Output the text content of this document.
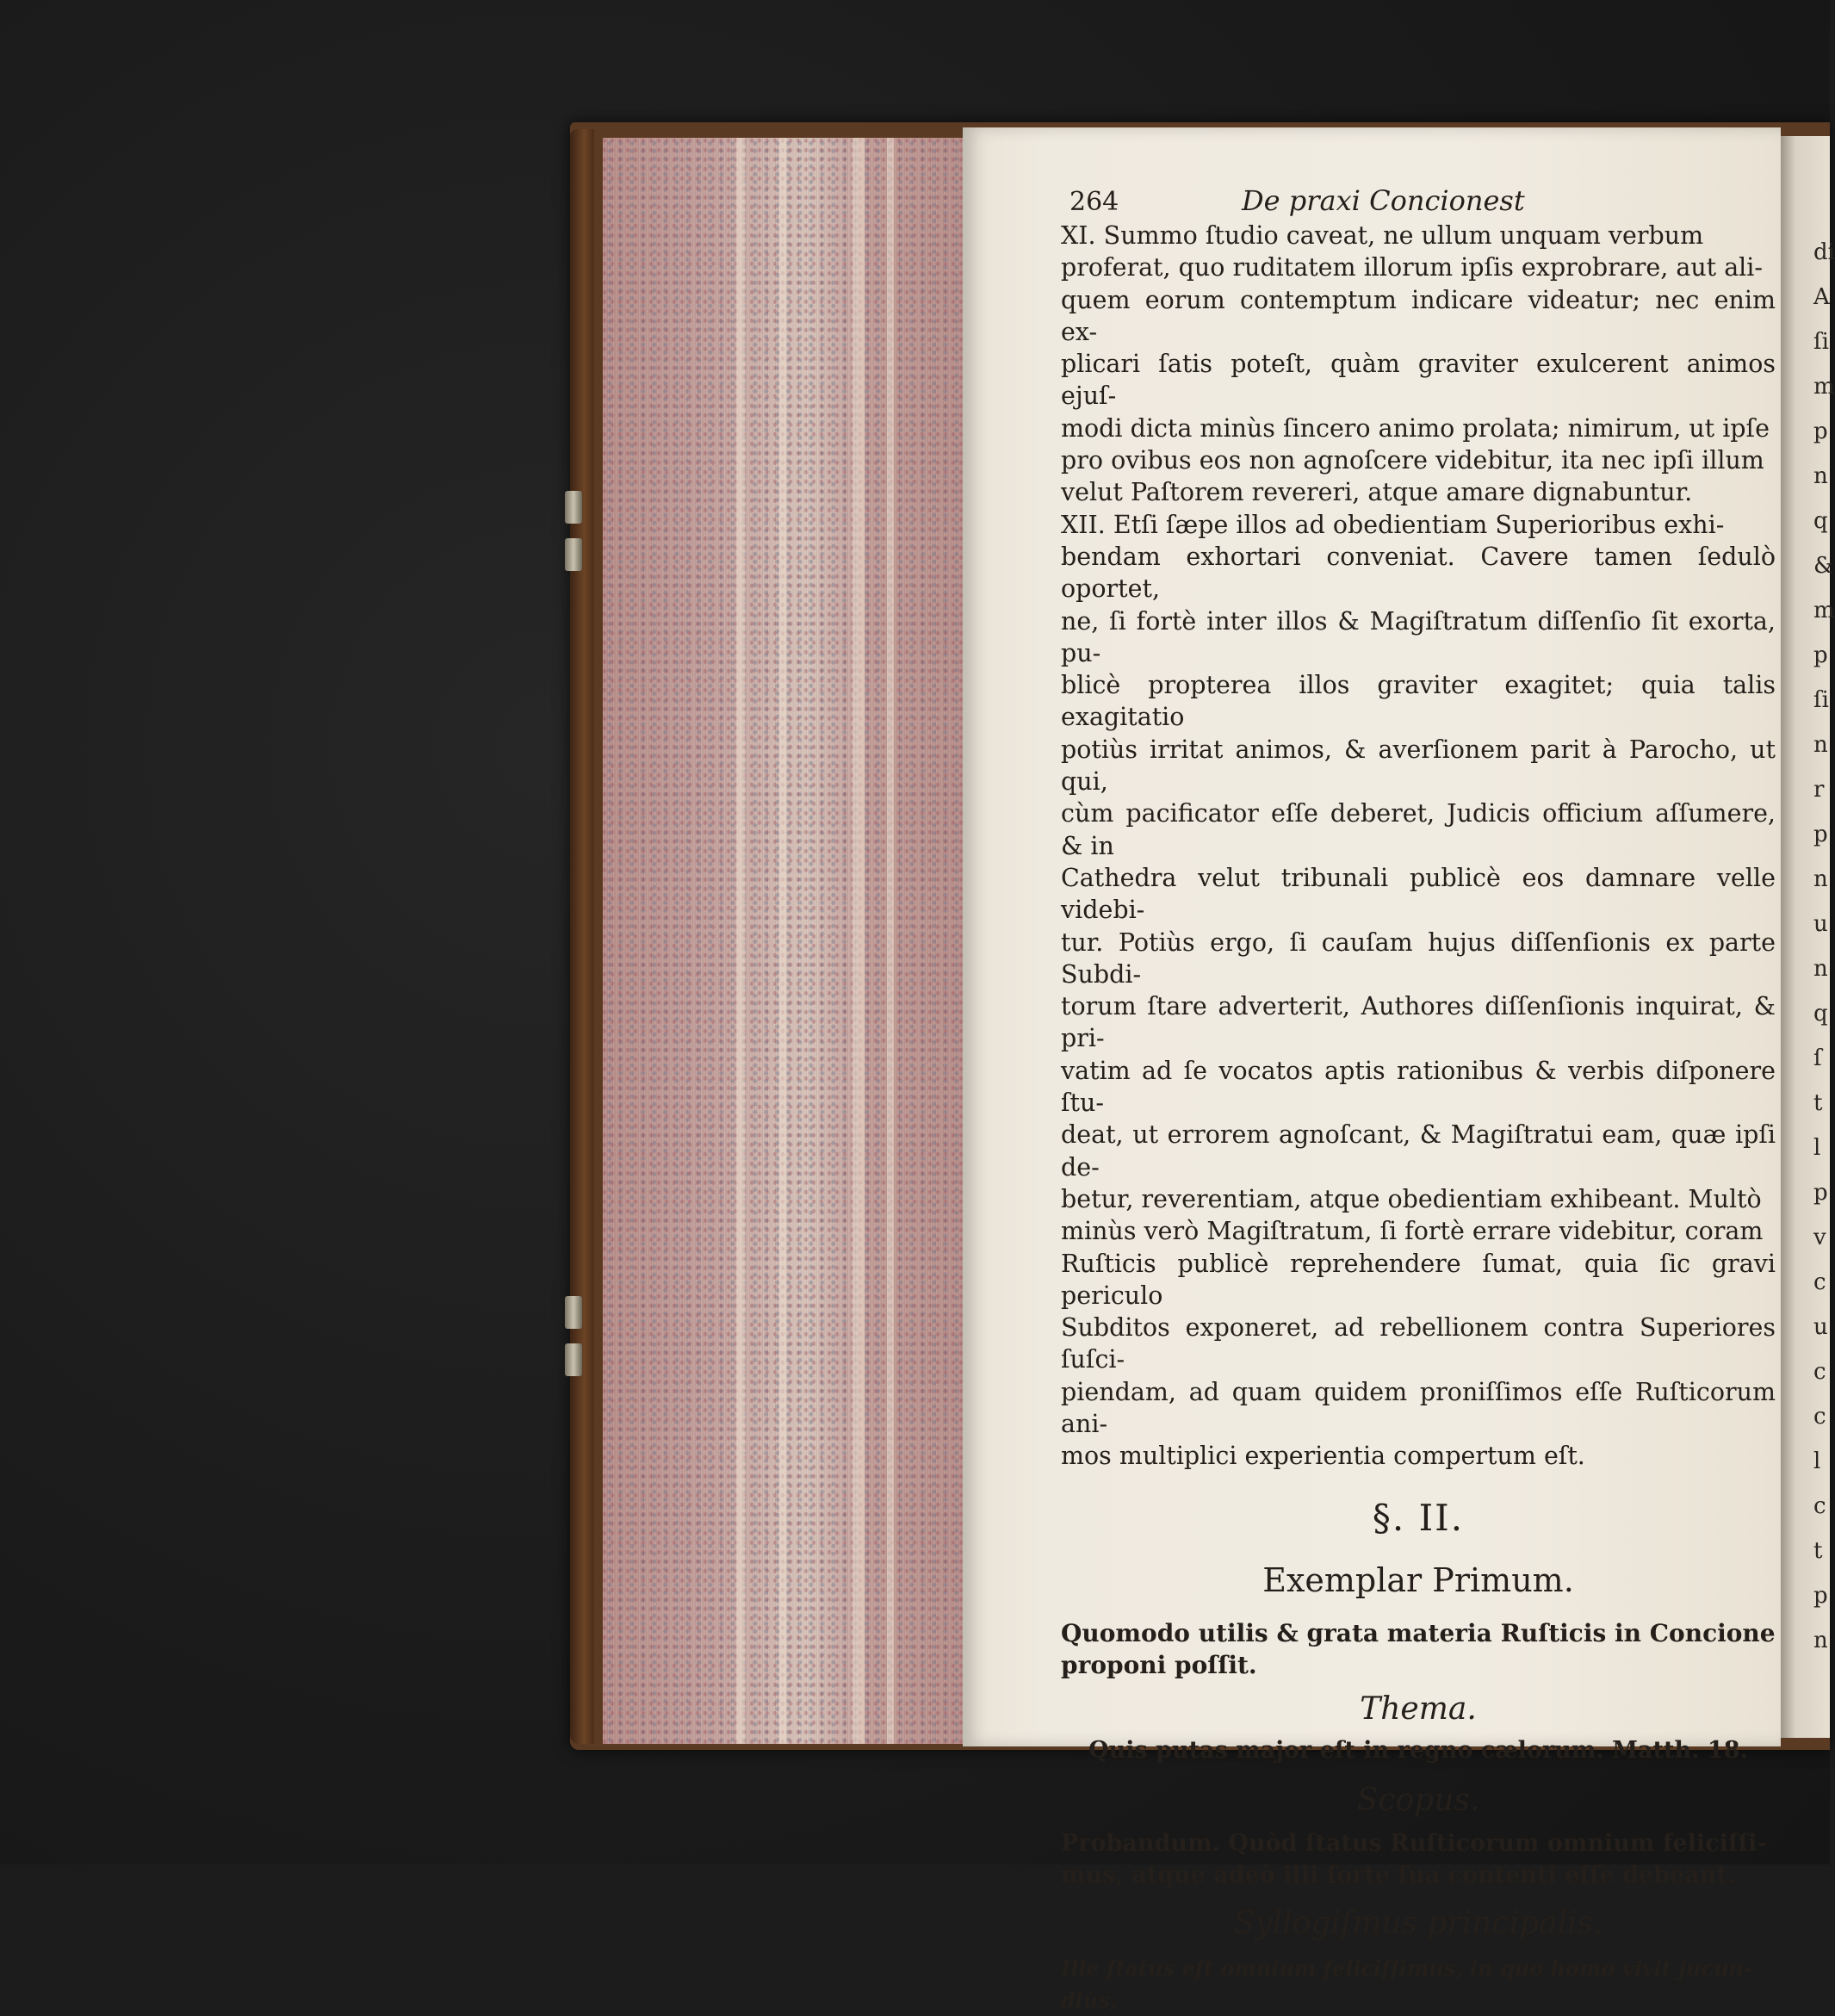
di
A
ſi
m
p
n
q
&
m
p
ſi
n
r
p
n
u
n
q
ſ
t
l
p
v
c
u
c
c
l
c
t
p
n
264	De praxi Concionest

XI. Summo ſtudio caveat, ne ullum unquam verbum
proferat, quo ruditatem illorum ipſis exprobrare, aut ali-
quem eorum contemptum indicare videatur; nec enim ex-
plicari ſatis poteſt, quàm graviter exulcerent animos ejuſ-
modi dicta minùs ſincero animo prolata; nimirum, ut ipſe
pro ovibus eos non agnoſcere videbitur, ita nec ipſi illum
velut Paſtorem revereri, atque amare dignabuntur.

XII. Etſi ſæpe illos ad obedientiam Superioribus exhi-
bendam exhortari conveniat. Cavere tamen ſedulò oportet,
ne, ſi fortè inter illos & Magiſtratum diſſenſio ſit exorta, pu-
blicè propterea illos graviter exagitet; quia talis exagitatio
potiùs irritat animos, & averſionem parit à Parocho, ut qui,
cùm pacificator eſſe deberet, Judicis officium aſſumere, & in
Cathedra velut tribunali publicè eos damnare velle videbi-
tur. Potiùs ergo, ſi cauſam hujus diſſenſionis ex parte Subdi-
torum ſtare adverterit, Authores diſſenſionis inquirat, & pri-
vatim ad ſe vocatos aptis rationibus & verbis diſponere ſtu-
deat, ut errorem agnoſcant, & Magiſtratui eam, quæ ipſi de-
betur, reverentiam, atque obedientiam exhibeant. Multò
minùs verò Magiſtratum, ſi fortè errare videbitur, coram
Ruſticis publicè reprehendere ſumat, quia ſic gravi periculo
Subditos exponeret, ad rebellionem contra Superiores ſuſci-
piendam, ad quam quidem proniſſimos eſſe Ruſticorum ani-
mos multiplici experientia compertum eſt.

§. II.
Exemplar Primum.
Quomodo utilis & grata materia Ruſticis in Concione
proponi poſſit.
Thema.
Quis putas major eſt in regno cælorum. Matth. 18.
Scopus.
Probandum. Quòd ſtatus Ruſticorum omnium feliciſſi-
mus, atque adeò illi ſorte ſua contenti eſſe debeant.
Syllogiſmus principalis.
Ille ſtatus eſt omnium feliciſſimus, in quo homo vivit jucun-
diùs,
